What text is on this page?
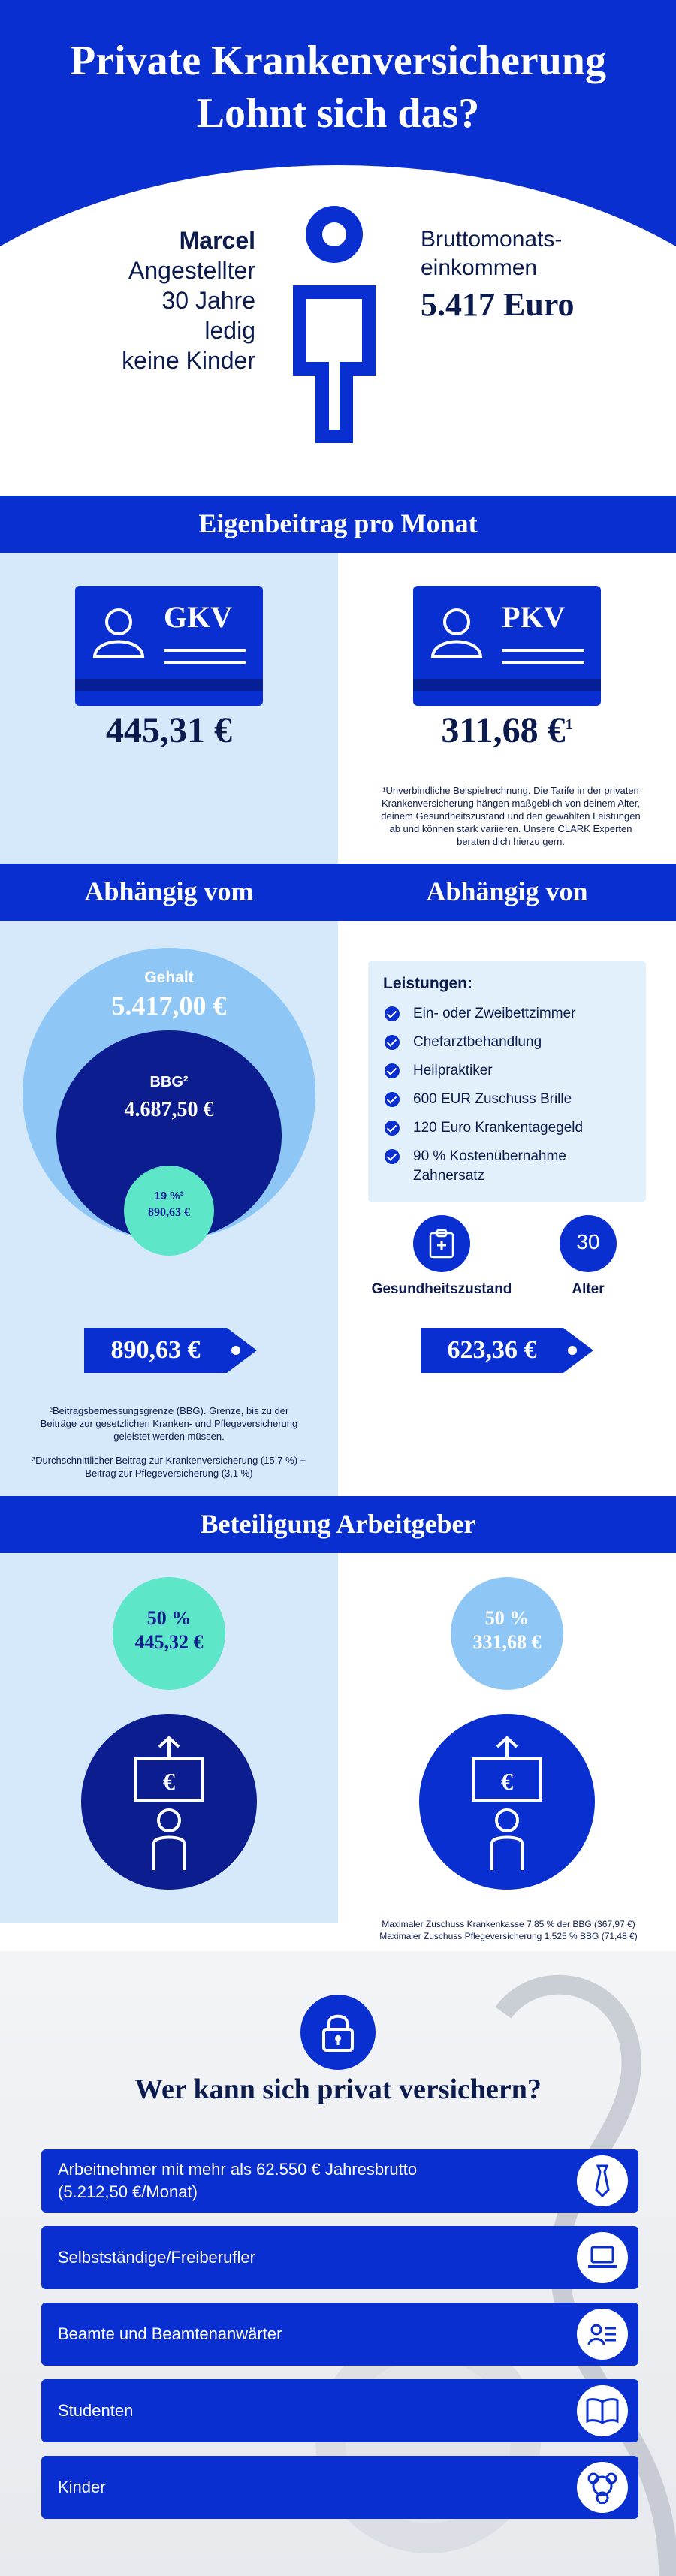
Private Krankenversicherung
Lohnt sich das?
Marcel
Angestellter
30 Jahre
ledig
keine Kinder
Bruttomonats-
einkommen
5.417 Euro
Eigenbeitrag pro Monat
GKV
445,31 €
PKV
311,68 €$^1$
¹Unverbindliche Beispielrechnung. Die Tarife in der privaten
Krankenversicherung hängen maßgeblich von deinem Alter,
deinem Gesundheitszustand und den gewählten Leistungen
ab und können stark variieren. Unsere CLARK Experten
beraten dich hierzu gern.
Abhängig vom	Abhängig von
Gehalt
5.417,00 €
BBG²
4.687,50 €
19 %³
890,63 €
Leistungen:
Ein- oder Zweibettzimmer
Chefarztbehandlung
Heilpraktiker
600 EUR Zuschuss Brille
120 Euro Krankentagegeld
90 % Kostenübernahme
Zahnersatz
Gesundheitszustand
30
Alter
890,63 €	623,36 €
²Beitragsbemessungsgrenze (BBG). Grenze, bis zu der
Beiträge zur gesetzlichen Kranken- und Pflegeversicherung
geleistet werden müssen.
³Durchschnittlicher Beitrag zur Krankenversicherung (15,7 %) +
Beitrag zur Pflegeversicherung (3,1 %)
Beteiligung Arbeitgeber
50 %
445,32 €
50 %
331,68 €
€	€
Maximaler Zuschuss Krankenkasse 7,85 % der BBG (367,97 €)
Maximaler Zuschuss Pflegeversicherung 1,525 % BBG (71,48 €)
Wer kann sich privat versichern?
Arbeitnehmer mit mehr als 62.550 € Jahresbrutto
(5.212,50 €/Monat)
Selbstständige/Freiberufler
Beamte und Beamtenanwärter
Studenten
Kinder
